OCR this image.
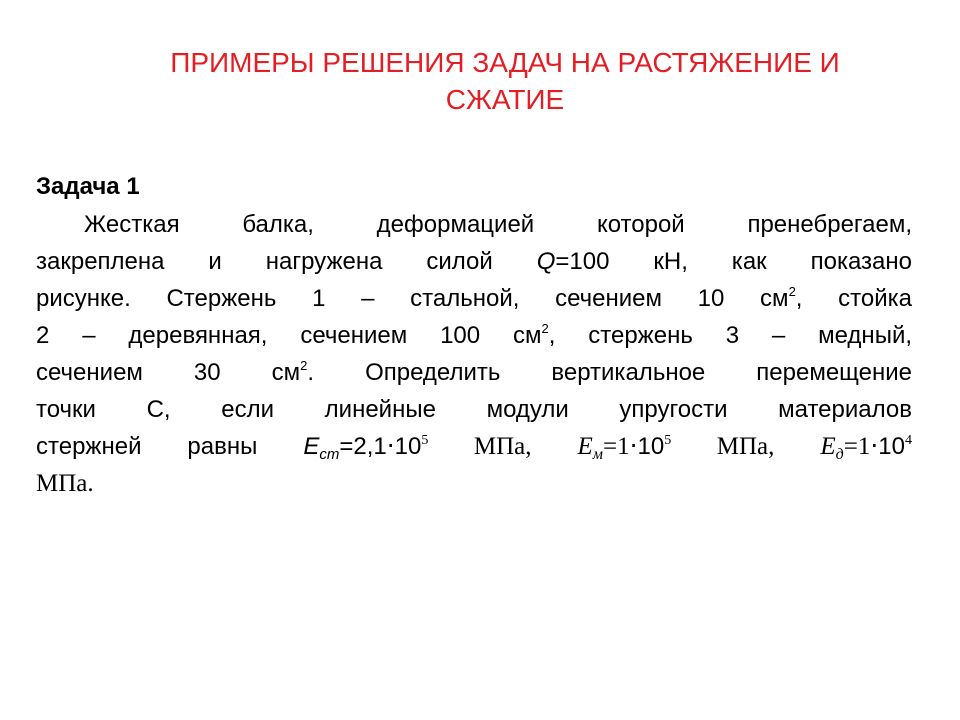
ПРИМЕРЫ РЕШЕНИЯ ЗАДАЧ НА РАСТЯЖЕНИЕ И
СЖАТИЕ
Задача 1
Жесткая балка, деформацией которой пренебрегаем,
закреплена и нагружена силой Q=100 кН, как показано
рисунке. Стержень 1 – стальной, сечением 10 $см^2$, стойка
2 – деревянная, сечением 100 $см^2$, стержень 3 – медный,
сечением 30 $см^2$. Определить вертикальное перемещение
точки С, если линейные модули упругости материалов
стержней равны $E_{ст}=2,1\cdot 10^5$ МПа, $Е_м=1\cdot 10^5$ МПа, $Е_д=1\cdot 10^4$
МПа.
